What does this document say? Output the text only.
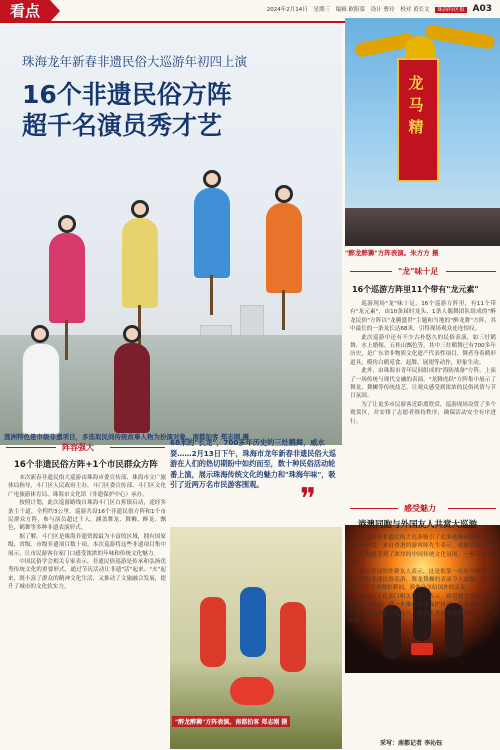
看点	2024年2月14日 星期三 编辑 欧阳慕 设计 曹玲 校对 黄长文 珠海特区报 A03
珠海龙年新春非遗民俗大巡游年初四上演
16个非遗民俗方阵
超千名演员秀才艺
莲洲特色是市级非遗项目，多选取民间传统故事人物为扮演对象。南都拍客 郑志刚 摄
龙马精
"醉龙醉狮"方阵表演。朱方方 摄
阵容强大
16个非遗民俗方阵+1个市民群众方阵

本次新春非遗民俗大巡游由珠海市委宣传部、珠海市文广旅体局指导，斗门区人民政府主办，斗门区委宣传部、斗门区文化广电旅游体育局、珠海市文化馆（非遗保护中心）承办。

按照计划，此次巡游路线自珠海斗门区白蕉镇启动，途经多条主干道，全程约3公里。巡游共设16个非遗民俗方阵和1个市民群众方阵，参与演员超过千人，涵盖舞龙、舞狮、醉龙、飘色、鹤舞等多种非遗表演形式。

据了解，斗门区是珠海非遗资源最为丰富的区域，拥有国家级、省级、市级非遗项目数十项。本次巡游将这些非遗项目集中展示，让市民游客在家门口感受浓浓的年味和传统文化魅力。

中国民俗学会相关专家表示，非遗民俗巡游是传承和弘扬优秀传统文化的重要形式，通过节庆活动让非遗"活"起来、"火"起来，既丰富了群众的精神文化生活，又推动了文旅融合发展，提升了城市的文化软实力。

68米的"长龙"，700多年历史的三灶鹤舞，威水耍……2月13日下午，珠海市龙年新春非遗民俗大巡游在人们的热切期盼中如约而至，数十种民俗活动轮番上演，展示珠海传统文化的魅力和"珠海年味"，吸引了近两万名市民游客围观。	❞
"醉龙醉狮"方阵表演。南都拍客 郑志刚 摄
"龙"味十足
16个巡游方阵里11个带有"龙元素"

巡游现场"龙"味十足，16个巡游方阵里，有11个带有"龙元素"，由10条届时龙头、1条人偶舞团队组成的"醉龙民俗"方阵以"龙腾盛世"主题和当地的"醉龙舞"方阵，其中最长的一条龙长达68米，引得现场观众连连惊叹。

此次巡游中还有不少古朴悠久的民俗表演，如三灶鹤舞、水上婚嫁、五桂山飘色等。其中三灶鹤舞已有700多年历史，是广东省非物质文化遗产代表性项目，舞者身着鹤形道具，模仿白鹤觅食、起舞、展翅等动作，形象生动。

此外，由珠海市青年民间组成的"海防战备"方阵，上演了一场传统与现代交融的表演。"龙腾虎跃"方阵集中展示了舞龙、舞狮等传统技艺，让观众感受到浓浓的民俗风情与节日氛围。

为了让更多市民游客近距离欣赏，巡游现场设置了多个观赏区，并安排了志愿者维持秩序，确保活动安全有序进行。

感受魅力
港澳同胞与外国友人共赏大巡游

这次新春非遗民俗大巡游吸引了众多港澳同胞和外国友人前来观赏。来自香港的游客陈先生表示，巡游活动非常精彩，让他感受到了浓厚的中国传统文化氛围，一家人都非常喜欢。

来自美国的外籍友人表示，这是他第一次在中国观看这样大型的非遗民俗巡游，舞龙舞狮的表演令人震撼，他用手机拍下了许多精彩瞬间，准备分享给国外的亲友。

珠海市文化部门相关负责人表示，希望通过举办新春非遗民俗大巡游，进一步推动非遗保护传承，让非遗融入现代生活，擦亮珠海文化名片，吸引更多游客来珠海过大年、品年味。

采写：南都记者 李沁钰
